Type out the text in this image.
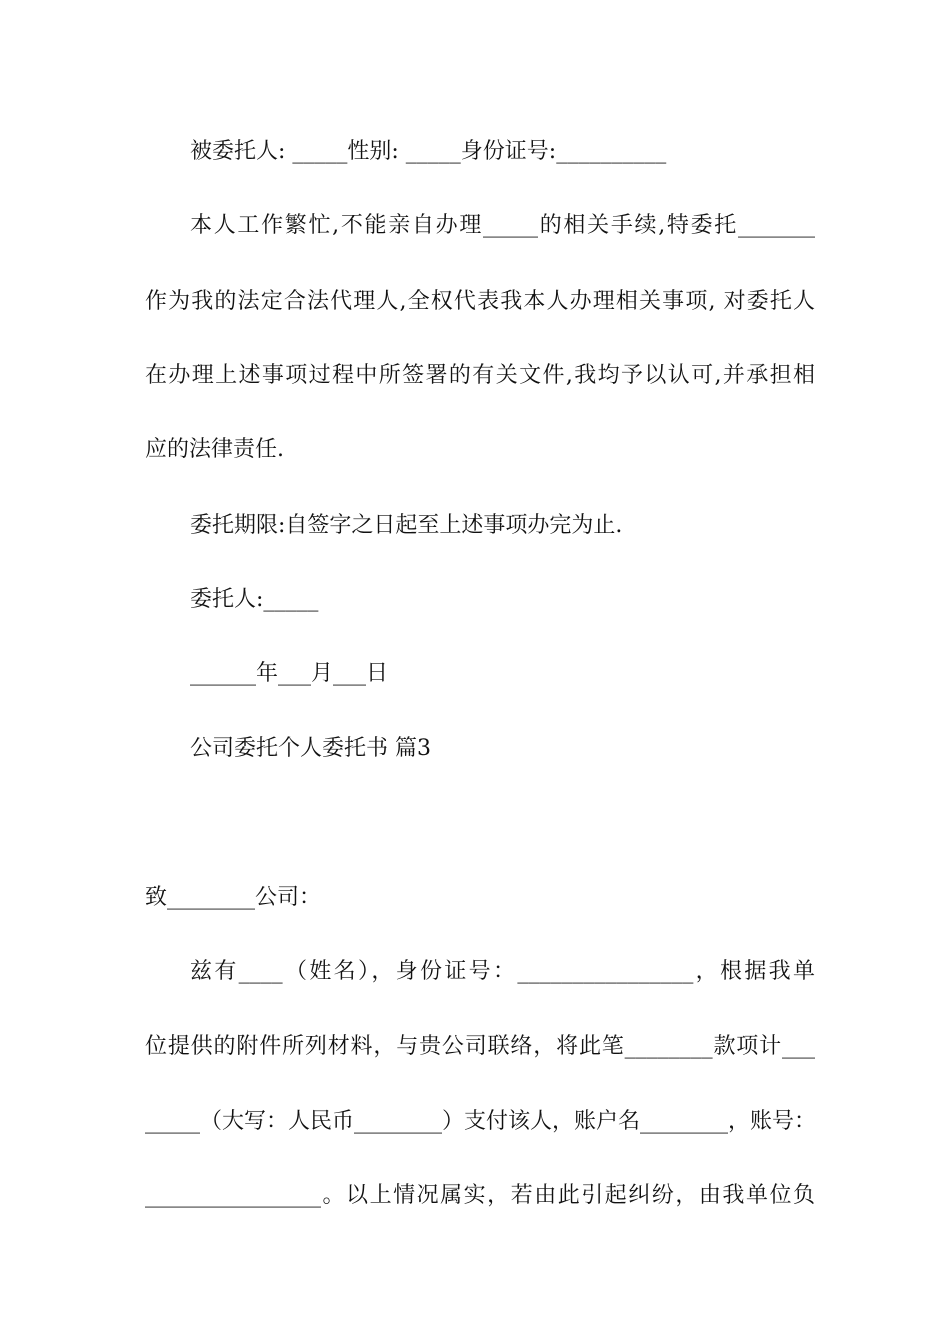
被委托人: _____性别: _____身份证号:__________
本人工作繁忙,不能亲自办理_____的相关手续,特委托_______
作为我的法定合法代理人,全权代表我本人办理相关事项, 对委托人
在办理上述事项过程中所签署的有关文件,我均予以认可,并承担相
应的法律责任.
委托期限:自签字之日起至上述事项办完为止.
委托人:_____
______年___月___日
公司委托个人委托书 篇3
致________公司：
兹有____（姓名），身份证号：________________，根据我单
位提供的附件所列材料，与贵公司联络，将此笔________款项计___
_____（大写：人民币________）支付该人，账户名________，账号：
________________。以上情况属实，若由此引起纠纷，由我单位负
